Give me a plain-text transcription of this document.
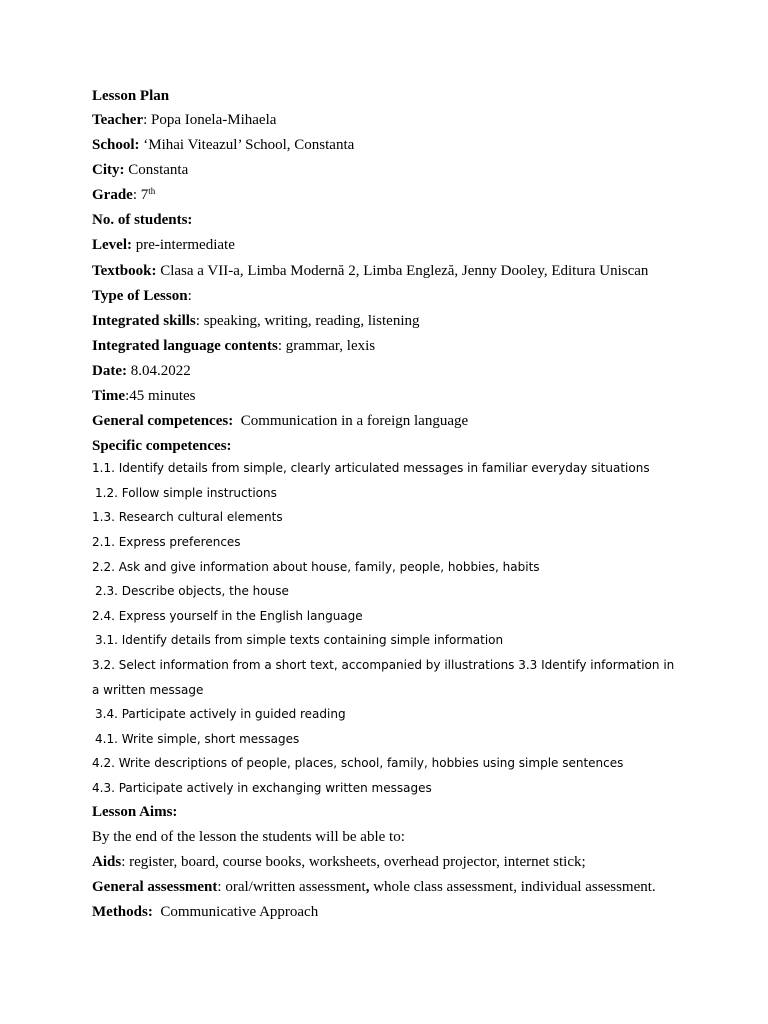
Lesson Plan
Teacher: Popa Ionela-Mihaela
School: ‘Mihai Viteazul’ School, Constanta
City: Constanta
Grade: 7th
No. of students:
Level: pre-intermediate
Textbook: Clasa a VII-a, Limba Modernă 2, Limba Engleză, Jenny Dooley, Editura Uniscan
Type of Lesson:
Integrated skills: speaking, writing, reading, listening
Integrated language contents: grammar, lexis
Date: 8.04.2022
Time:45 minutes
General competences: Communication in a foreign language
Specific competences:

1.1. Identify details from simple, clearly articulated messages in familiar everyday situations

1.2. Follow simple instructions

1.3. Research cultural elements

2.1. Express preferences

2.2. Ask and give information about house, family, people, hobbies, habits

2.3. Describe objects, the house

2.4. Express yourself in the English language

3.1. Identify details from simple texts containing simple information

3.2. Select information from a short text, accompanied by illustrations 3.3 Identify information in a written message

3.4. Participate actively in guided reading

4.1. Write simple, short messages

4.2. Write descriptions of people, places, school, family, hobbies using simple sentences

4.3. Participate actively in exchanging written messages

Lesson Aims:
By the end of the lesson the students will be able to:
Aids: register, board, course books, worksheets, overhead projector, internet stick;
General assessment: oral/written assessment, whole class assessment, individual assessment.
Methods: Communicative Approach
